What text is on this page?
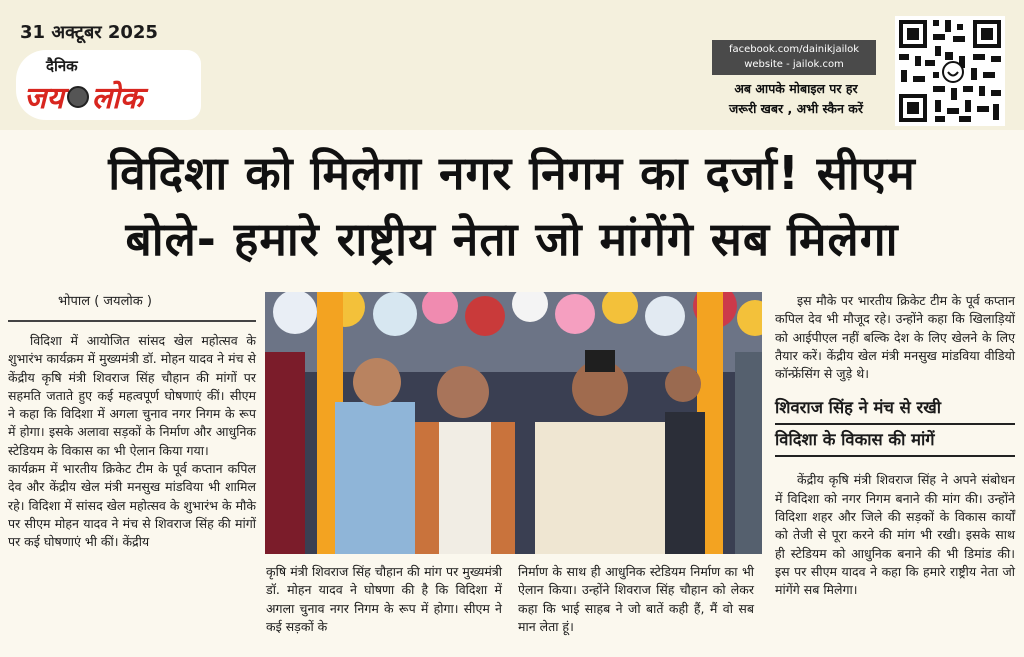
31 अक्टूबर 2025
दैनिक
जय लोक
facebook.com/dainikjailok
website - jailok.com
अब आपके मोबाइल पर हर
जरूरी खबर , अभी स्कैन करें
विदिशा को मिलेगा नगर निगम का दर्जा! सीएम
बोले- हमारे राष्ट्रीय नेता जो मांगेंगे सब मिलेगा
भोपाल ( जयलोक )
विदिशा में आयोजित सांसद खेल महोत्सव के शुभारंभ कार्यक्रम में मुख्यमंत्री डॉ. मोहन यादव ने मंच से केंद्रीय कृषि मंत्री शिवराज सिंह चौहान की मांगों पर सहमति जताते हुए कई महत्वपूर्ण घोषणाएं कीं। सीएम ने कहा कि विदिशा में अगला चुनाव नगर निगम के रूप में होगा। इसके अलावा सड़कों के निर्माण और आधुनिक स्टेडियम के विकास का भी ऐलान किया गया।
कार्यक्रम में भारतीय क्रिकेट टीम के पूर्व कप्तान कपिल देव और केंद्रीय खेल मंत्री मनसुख मांडविया भी शामिल रहे। विदिशा में सांसद खेल महोत्सव के शुभारंभ के मौके पर सीएम मोहन यादव ने मंच से शिवराज सिंह की मांगों पर कई घोषणाएं भी कीं। केंद्रीय
कृषि मंत्री शिवराज सिंह चौहान की मांग पर मुख्यमंत्री डॉ. मोहन यादव ने घोषणा की है कि विदिशा में अगला चुनाव नगर निगम के रूप में होगा। सीएम ने कई सड़कों के
निर्माण के साथ ही आधुनिक स्टेडियम निर्माण का भी ऐलान किया। उन्होंने शिवराज सिंह चौहान को लेकर कहा कि भाई साहब ने जो बातें कही हैं, मैं वो सब मान लेता हूं।
इस मौके पर भारतीय क्रिकेट टीम के पूर्व कप्तान कपिल देव भी मौजूद रहे। उन्होंने कहा कि खिलाड़ियों को आईपीएल नहीं बल्कि देश के लिए खेलने के लिए तैयार करें। केंद्रीय खेल मंत्री मनसुख मांडविया वीडियो कॉन्फ्रेंसिंग से जुड़े थे।
शिवराज सिंह ने मंच से रखी
विदिशा के विकास की मांगें
केंद्रीय कृषि मंत्री शिवराज सिंह ने अपने संबोधन में विदिशा को नगर निगम बनाने की मांग की। उन्होंने विदिशा शहर और जिले की सड़कों के विकास कार्यों को तेजी से पूरा करने की मांग भी रखी। इसके साथ ही स्टेडियम को आधुनिक बनाने की भी डिमांड की। इस पर सीएम यादव ने कहा कि हमारे राष्ट्रीय नेता जो मांगेंगे सब मिलेगा।
